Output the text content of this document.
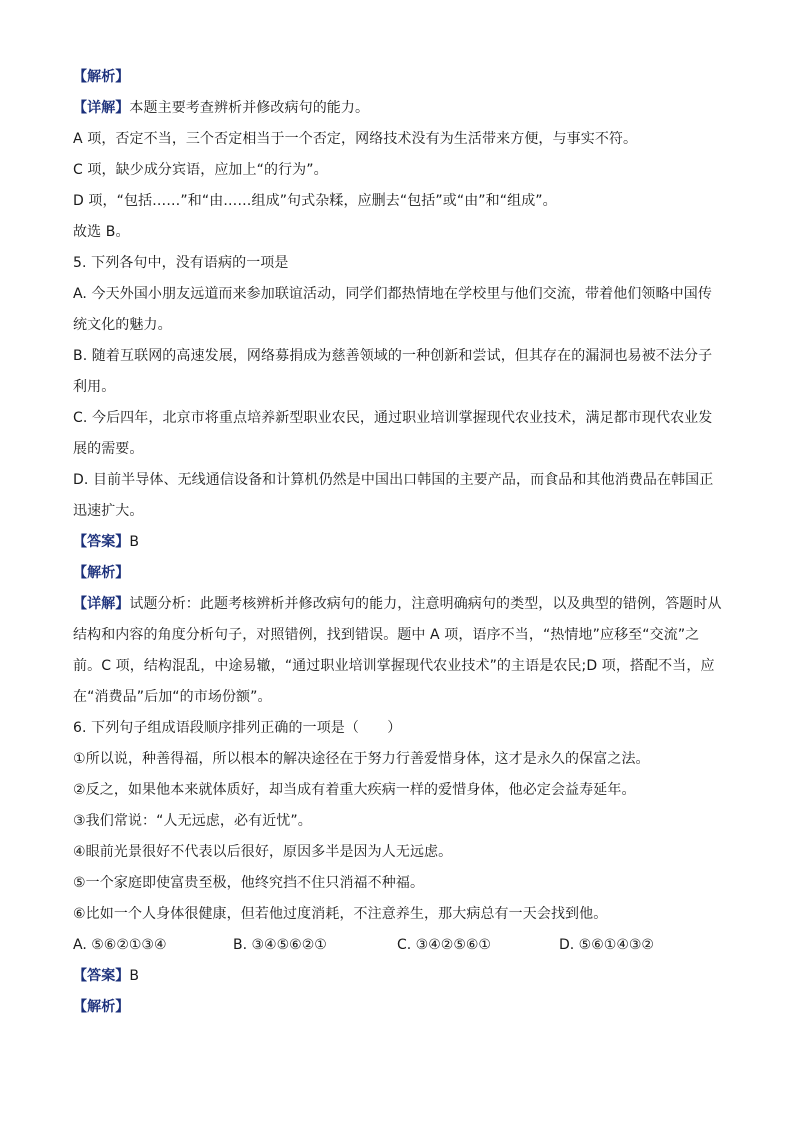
【解析】
【详解】本题主要考查辨析并修改病句的能力。
A 项，否定不当，三个否定相当于一个否定，网络技术没有为生活带来方便，与事实不符。
C 项，缺少成分宾语，应加上“的行为”。
D 项，“包括……”和“由……组成”句式杂糅，应删去“包括”或“由”和“组成”。
故选 B。
5. 下列各句中，没有语病的一项是
A. 今天外国小朋友远道而来参加联谊活动，同学们都热情地在学校里与他们交流，带着他们领略中国传统文化的魅力。
B. 随着互联网的高速发展，网络募捐成为慈善领域的一种创新和尝试，但其存在的漏洞也易被不法分子利用。
C. 今后四年，北京市将重点培养新型职业农民，通过职业培训掌握现代农业技术，满足都市现代农业发展的需要。
D. 目前半导体、无线通信设备和计算机仍然是中国出口韩国的主要产品，而食品和其他消费品在韩国正迅速扩大。
【答案】B
【解析】
【详解】试题分析：此题考核辨析并修改病句的能力，注意明确病句的类型，以及典型的错例，答题时从结构和内容的角度分析句子，对照错例，找到错误。题中 A 项，语序不当，“热情地”应移至“交流”之前。C 项，结构混乱，中途易辙，“通过职业培训掌握现代农业技术”的主语是农民;D 项，搭配不当，应在“消费品”后加“的市场份额”。
6. 下列句子组成语段顺序排列正确的一项是（　　）
①所以说，种善得福，所以根本的解决途径在于努力行善爱惜身体，这才是永久的保富之法。
②反之，如果他本来就体质好，却当成有着重大疾病一样的爱惜身体，他必定会益寿延年。
③我们常说：“人无远虑，必有近忧”。
④眼前光景很好不代表以后很好，原因多半是因为人无远虑。
⑤一个家庭即使富贵至极，他终究挡不住只消福不种福。
⑥比如一个人身体很健康，但若他过度消耗，不注意养生，那大病总有一天会找到他。
A. ⑤⑥②①③④	B. ③④⑤⑥②①	C. ③④②⑤⑥①	D. ⑤⑥①④③②
【答案】B
【解析】
